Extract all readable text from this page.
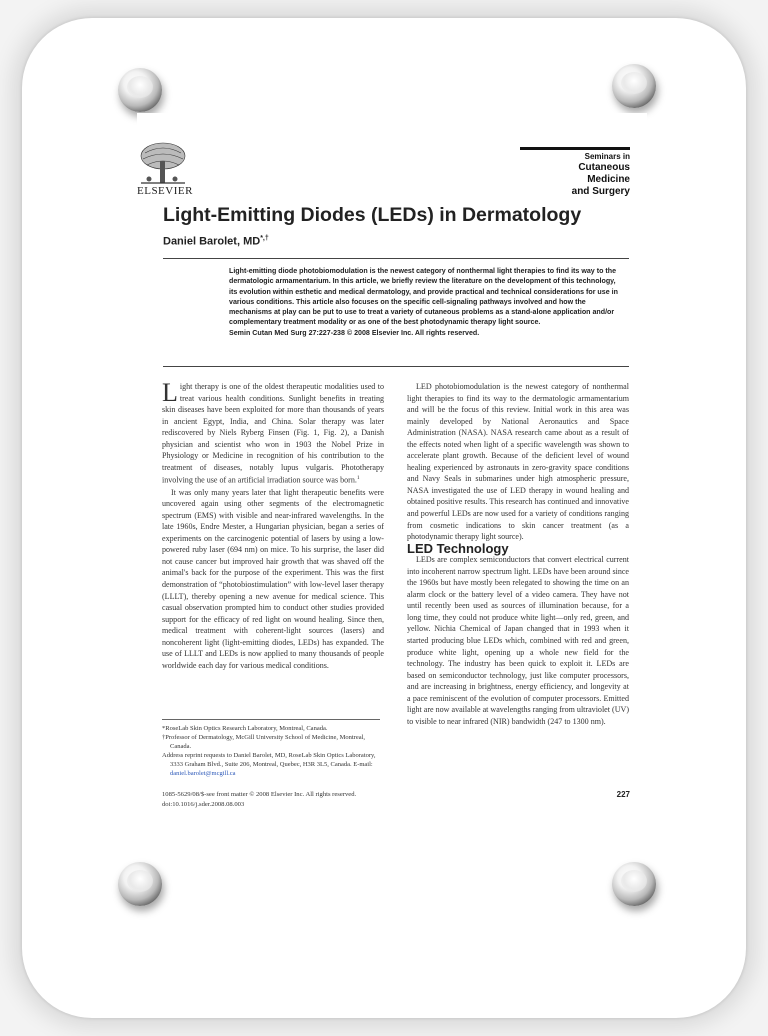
ELSEVIER
Seminars in
Cutaneous
Medicine
and Surgery
Light-Emitting Diodes (LEDs) in Dermatology
Daniel Barolet, MD*,†
Light-emitting diode photobiomodulation is the newest category of nonthermal light therapies to find its way to the dermatologic armamentarium. In this article, we briefly review the literature on the development of this technology, its evolution within esthetic and medical dermatology, and provide practical and technical considerations for use in various conditions. This article also focuses on the specific cell-signaling pathways involved and how the mechanisms at play can be put to use to treat a variety of cutaneous problems as a stand-alone application and/or complementary treatment modality or as one of the best photodynamic therapy light source.
Semin Cutan Med Surg 27:227-238 © 2008 Elsevier Inc. All rights reserved.

Light therapy is one of the oldest therapeutic modalities used to treat various health conditions. Sunlight benefits in treating skin diseases have been exploited for more than thousands of years in ancient Egypt, India, and China. Solar therapy was later rediscovered by Niels Ryberg Finsen (Fig. 1, Fig. 2), a Danish physician and scientist who won in 1903 the Nobel Prize in Physiology or Medicine in recognition of his contribution to the treatment of diseases, notably lupus vulgaris. Phototherapy involving the use of an artificial irradiation source was born.$^1$

It was only many years later that light therapeutic benefits were uncovered again using other segments of the electromagnetic spectrum (EMS) with visible and near-infrared wavelengths. In the late 1960s, Endre Mester, a Hungarian physician, began a series of experiments on the carcinogenic potential of lasers by using a low-powered ruby laser (694 nm) on mice. To his surprise, the laser did not cause cancer but improved hair growth that was shaved off the animal's back for the purpose of the experiment. This was the first demonstration of “photobiostimulation” with low-level laser therapy (LLLT), thereby opening a new avenue for medical science. This casual observation prompted him to conduct other studies provided support for the efficacy of red light on wound healing. Since then, medical treatment with coherent-light sources (lasers) and noncoherent light (light-emitting diodes, LEDs) has expanded. The use of LLLT and LEDs is now applied to many thousands of people worldwide each day for various medical conditions.

LED photobiomodulation is the newest category of nonthermal light therapies to find its way to the dermatologic armamentarium and will be the focus of this review. Initial work in this area was mainly developed by National Aeronautics and Space Administration (NASA). NASA research came about as a result of the effects noted when light of a specific wavelength was shown to accelerate plant growth. Because of the deficient level of wound healing experienced by astronauts in zero-gravity space conditions and Navy Seals in submarines under high atmospheric pressure, NASA investigated the use of LED therapy in wound healing and obtained positive results. This research has continued and innovative and powerful LEDs are now used for a variety of conditions ranging from cosmetic indications to skin cancer treatment (as a photodynamic therapy light source).

LED Technology

LEDs are complex semiconductors that convert electrical current into incoherent narrow spectrum light. LEDs have been around since the 1960s but have mostly been relegated to showing the time on an alarm clock or the battery level of a video camera. They have not until recently been used as sources of illumination because, for a long time, they could not produce white light—only red, green, and yellow. Nichia Chemical of Japan changed that in 1993 when it started producing blue LEDs which, combined with red and green, produce white light, opening up a whole new field for the technology. The industry has been quick to exploit it. LEDs are based on semiconductor technology, just like computer processors, and are increasing in brightness, energy efficiency, and longevity at a pace reminiscent of the evolution of computer processors. Emitted light are now available at wavelengths ranging from ultraviolet (UV) to visible to near infrared (NIR) bandwidth (247 to 1300 nm).

*RoseLab Skin Optics Research Laboratory, Montreal, Canada.

†Professor of Dermatology, McGill University School of Medicine, Montreal, Canada.

Address reprint requests to Daniel Barolet, MD, RoseLab Skin Optics Laboratory, 3333 Graham Blvd., Suite 206, Montreal, Quebec, H3R 3L5, Canada. E-mail: daniel.barolet@mcgill.ca

1085-5629/08/$-see front matter © 2008 Elsevier Inc. All rights reserved.
doi:10.1016/j.sder.2008.08.003
227
